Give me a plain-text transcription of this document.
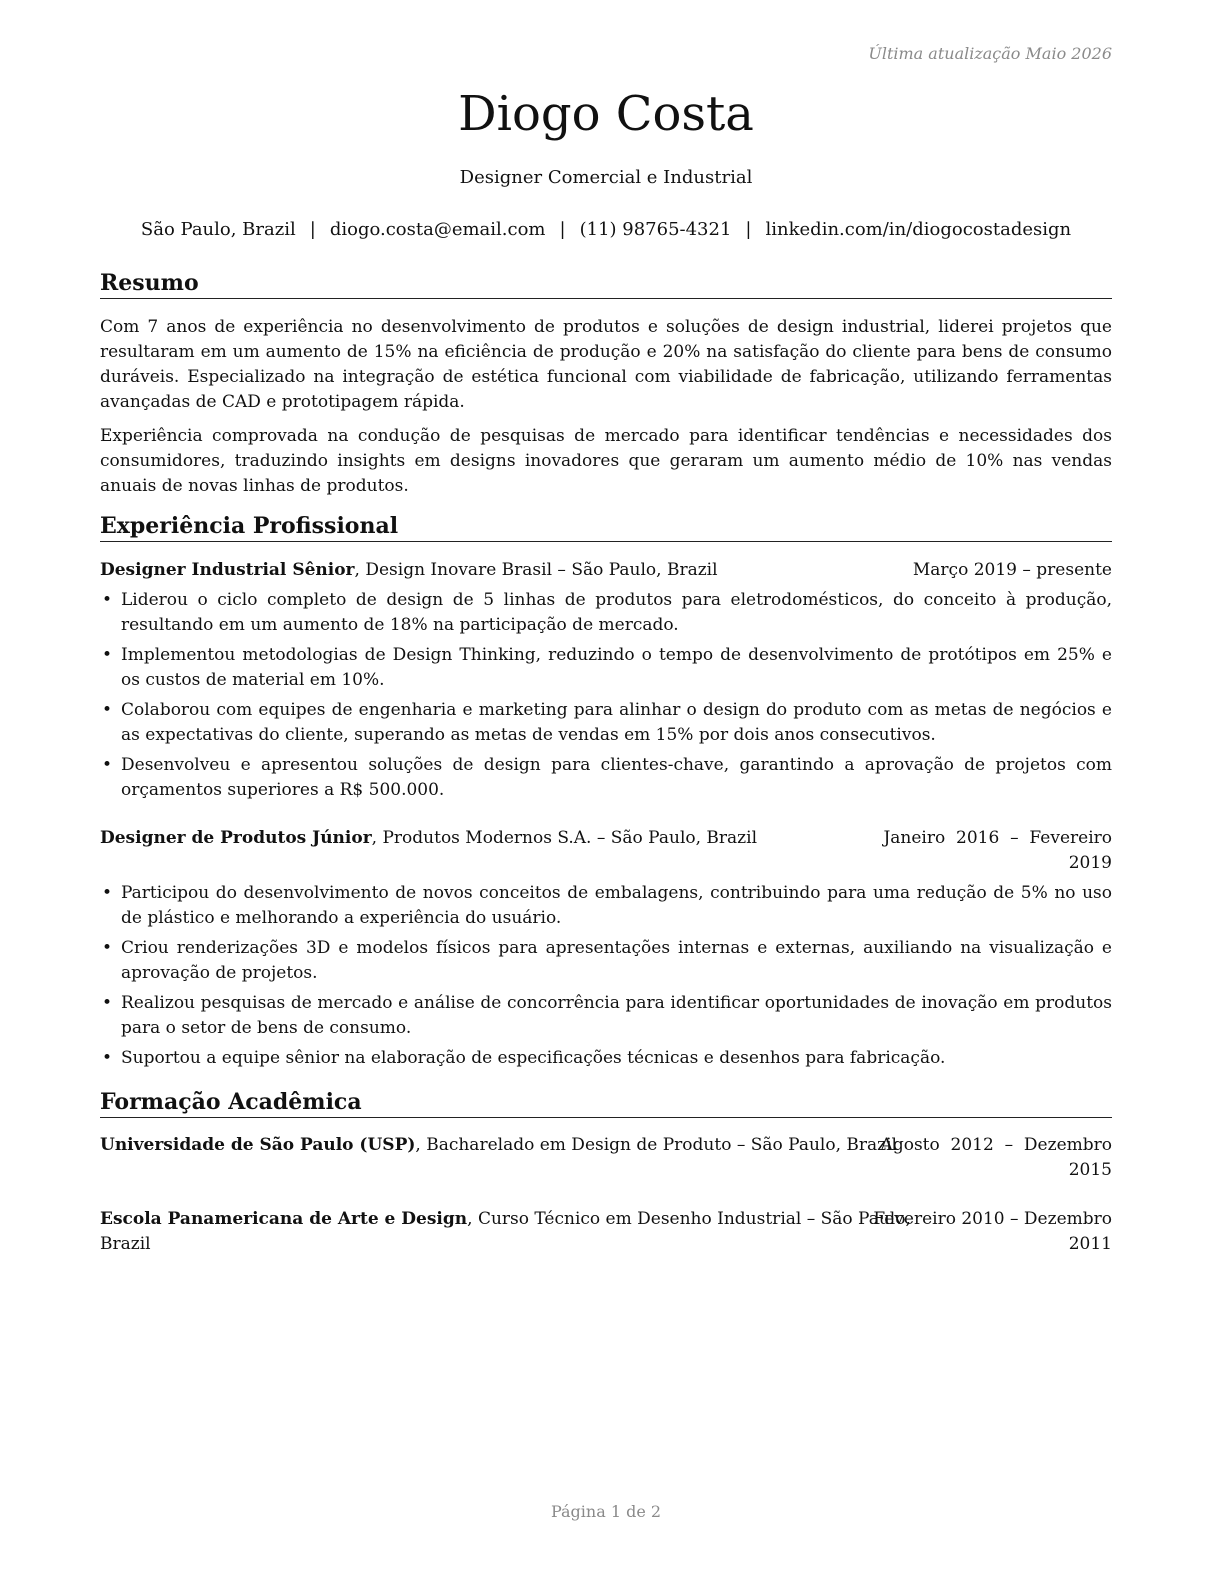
Última atualização Maio 2026
Diogo Costa
Designer Comercial e Industrial
São Paulo, Brazil | diogo.costa@email.com | (11) 98765-4321 | linkedin.com/in/diogocostadesign
Resumo
Com 7 anos de experiência no desenvolvimento de produtos e soluções de design industrial, liderei projetos que resultaram em um aumento de 15% na eficiência de produção e 20% na satisfação do cliente para bens de consumo duráveis. Especializado na integração de estética funcional com viabilidade de fabricação, utilizando ferramentas avançadas de CAD e prototipagem rápida.
Experiência comprovada na condução de pesquisas de mercado para identificar tendências e necessidades dos consumidores, traduzindo insights em designs inovadores que geraram um aumento médio de 10% nas vendas anuais de novas linhas de produtos.
Experiência Profissional
Designer Industrial Sênior, Design Inovare Brasil – São Paulo, Brazil	Março 2019 – presente
• Liderou o ciclo completo de design de 5 linhas de produtos para eletrodomésticos, do conceito à produção, resultando em um aumento de 18% na participação de mercado.
• Implementou metodologias de Design Thinking, reduzindo o tempo de desenvolvimento de protótipos em 25% e os custos de material em 10%.
• Colaborou com equipes de engenharia e marketing para alinhar o design do produto com as metas de negócios e as expectativas do cliente, superando as metas de vendas em 15% por dois anos consecutivos.
• Desenvolveu e apresentou soluções de design para clientes-chave, garantindo a aprovação de projetos com orçamentos superiores a R$ 500.000.
Designer de Produtos Júnior, Produtos Modernos S.A. – São Paulo, Brazil	Janeiro  2016  –  Fevereiro
2019
• Participou do desenvolvimento de novos conceitos de embalagens, contribuindo para uma redução de 5% no uso de plástico e melhorando a experiência do usuário.
• Criou renderizações 3D e modelos físicos para apresentações internas e externas, auxiliando na visualização e aprovação de projetos.
• Realizou pesquisas de mercado e análise de concorrência para identificar oportunidades de inovação em produtos para o setor de bens de consumo.
• Suportou a equipe sênior na elaboração de especificações técnicas e desenhos para fabricação.
Formação Acadêmica
Universidade de São Paulo (USP), Bacharelado em Design de Produto – São Paulo, Brazil
Agosto  2012  –  Dezembro
2015
Escola Panamericana de Arte e Design, Curso Técnico em Desenho Industrial – São Paulo,
Brazil
Fevereiro 2010 – Dezembro
2011
Página 1 de 2
